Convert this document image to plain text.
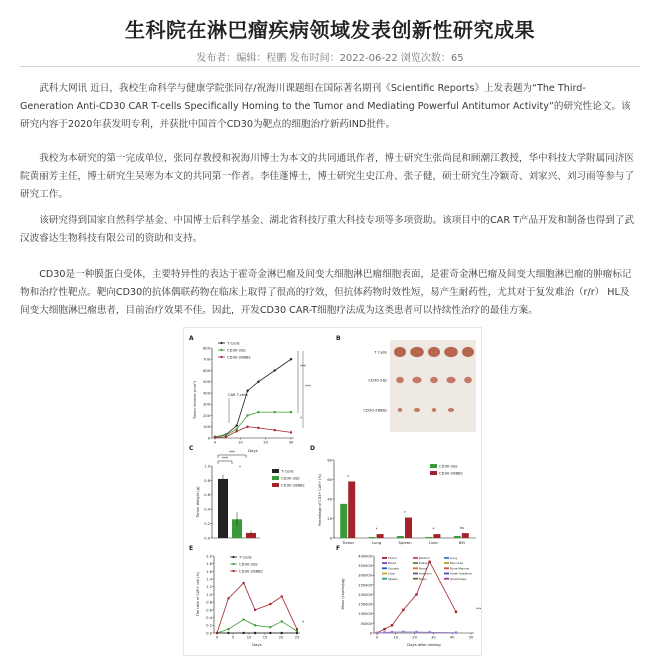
生科院在淋巴瘤疾病领域发表创新性研究成果
发布者：编辑：程鹏 发布时间：2022-06-22 浏览次数：65

武科大网讯 近日，我校生命科学与健康学院张同存/祝海川课题组在国际著名期刊《Scientific Reports》上发表题为“The Third-Generation Anti-CD30 CAR T-cells Specifically Homing to the Tumor and Mediating Powerful Antitumor Activity”的研究性论文。该研究内容于2020年获发明专利，并获批中国首个CD30为靶点的细胞治疗新药IND批件。

我校为本研究的第一完成单位，张同存教授和祝海川博士为本文的共同通讯作者，博士研究生张尚昆和顾潮江教授，华中科技大学附属同济医院黄丽芳主任，博士研究生吴寒为本文的共同第一作者。李佳蓬博士，博士研究生史江舟、张子健，硕士研究生冷颖奇、刘家兴、刘习雨等参与了研究工作。

该研究得到国家自然科学基金、中国博士后科学基金、湖北省科技厅重大科技专项等多项资助。该项目中的CAR T产品开发和制备也得到了武汉波睿达生物科技有限公司的资助和支持。

CD30是一种膜蛋白受体，主要特异性的表达于霍奇金淋巴瘤及间变大细胞淋巴瘤细胞表面，是霍奇金淋巴瘤及间变大细胞淋巴瘤的肿瘤标记物和治疗性靶点。靶向CD30的抗体偶联药物在临床上取得了很高的疗效，但抗体药物时效性短，易产生耐药性，尤其对于复发难治（r/r） HL及间变大细胞淋巴瘤患者，目前治疗效果不佳。因此，开发CD30 CAR-T细胞疗法成为这类患者可以持续性治疗的最佳方案。

A
800
700
600
500
400
300
200
100
0
0	10	20	30
Tumor Volume (mm³)
Days
CAR T-cells
T Cells
CD30-28z
CD30-288Bz
***
***
*
B
T Cells
CD30-28z
CD30-288Bz
C
1.0
0.8
0.6
0.4
0.2
0.0
Tumor Weight (g)
T Cells
CD30-28z
CD30-288Bz
***
***
*
D
80
60
40
20
0
Percentage of CD3+ CAR+ (%)
Tumor
*
Lung
*
Spleen
*
Liver
*
BM
ns
CD30-28z
CD30-288Bz
E
2.0
1.8
1.6
1.4
1.2
1.0
0.8
0.6
0.4
0.2
0.0
0	5	10	15	20	25
The ratio of CAR+ cell (%)
Days
T Cells
CD30-28z
CD30-288Bz
*
F
400000
350000
300000
250000
200000
150000
100000
50000
0
0	10	20	30	40	50
Mean (copies/μg)
Days after dosing
Tumor
Blood
Gonads
Liver
Spleen
Rectum
Kidney
Heart
stomach
Brain
Lung
Pancreas
Bone Marrow
Small Intestine
Quadriceps
***
